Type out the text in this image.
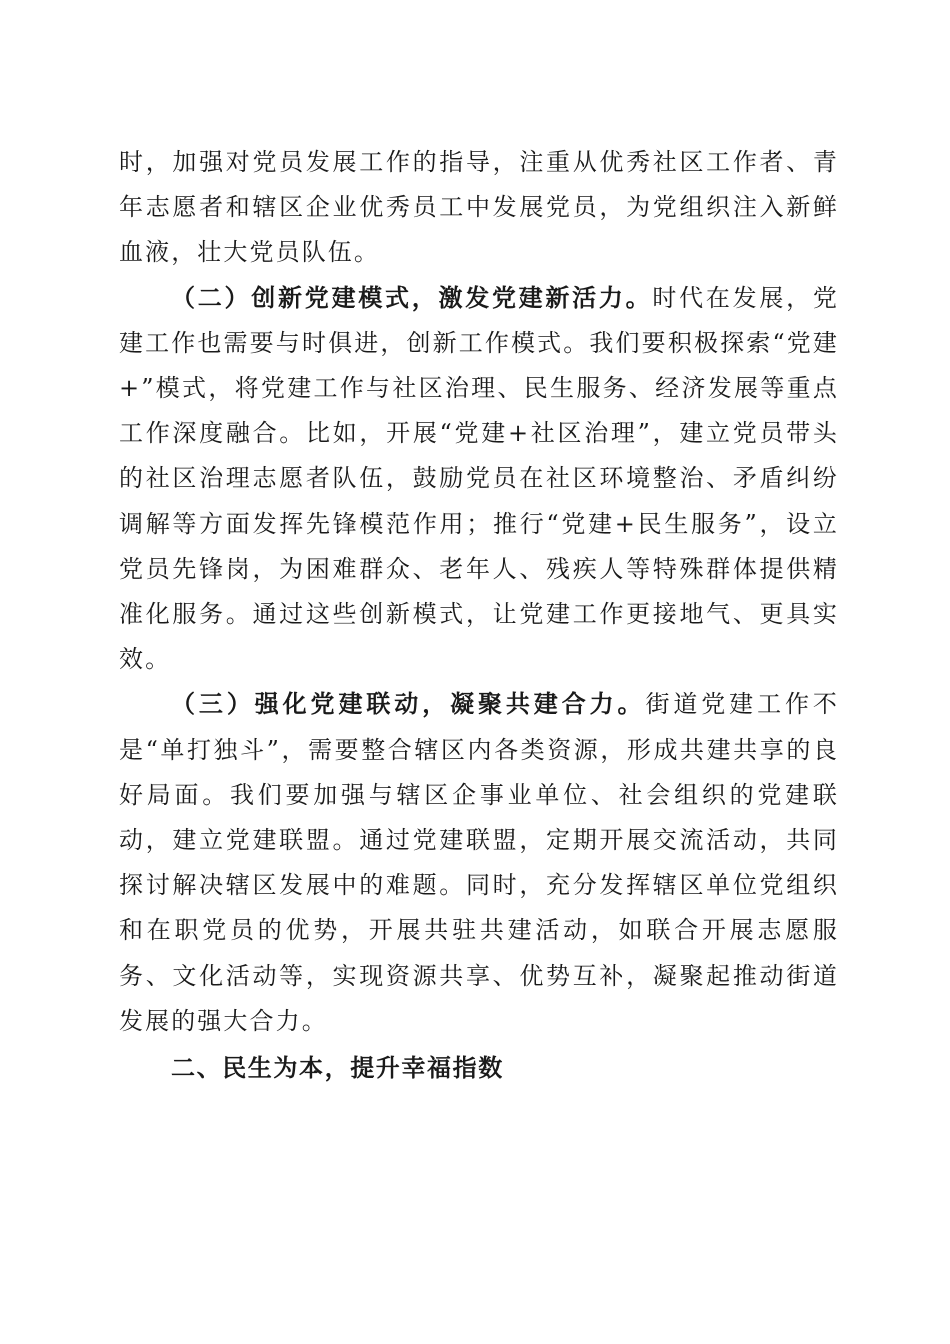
时，加强对党员发展工作的指导，注重从优秀社区工作者、青年志愿者和辖区企业优秀员工中发展党员，为党组织注入新鲜血液，壮大党员队伍。

（二）创新党建模式，激发党建新活力。时代在发展，党建工作也需要与时俱进，创新工作模式。我们要积极探索“党建+”模式，将党建工作与社区治理、民生服务、经济发展等重点工作深度融合。比如，开展“党建+社区治理”，建立党员带头的社区治理志愿者队伍，鼓励党员在社区环境整治、矛盾纠纷调解等方面发挥先锋模范作用；推行“党建+民生服务”，设立党员先锋岗，为困难群众、老年人、残疾人等特殊群体提供精准化服务。通过这些创新模式，让党建工作更接地气、更具实效。

（三）强化党建联动，凝聚共建合力。街道党建工作不是“单打独斗”，需要整合辖区内各类资源，形成共建共享的良好局面。我们要加强与辖区企事业单位、社会组织的党建联动，建立党建联盟。通过党建联盟，定期开展交流活动，共同探讨解决辖区发展中的难题。同时，充分发挥辖区单位党组织和在职党员的优势，开展共驻共建活动，如联合开展志愿服务、文化活动等，实现资源共享、优势互补，凝聚起推动街道发展的强大合力。

二、民生为本，提升幸福指数
